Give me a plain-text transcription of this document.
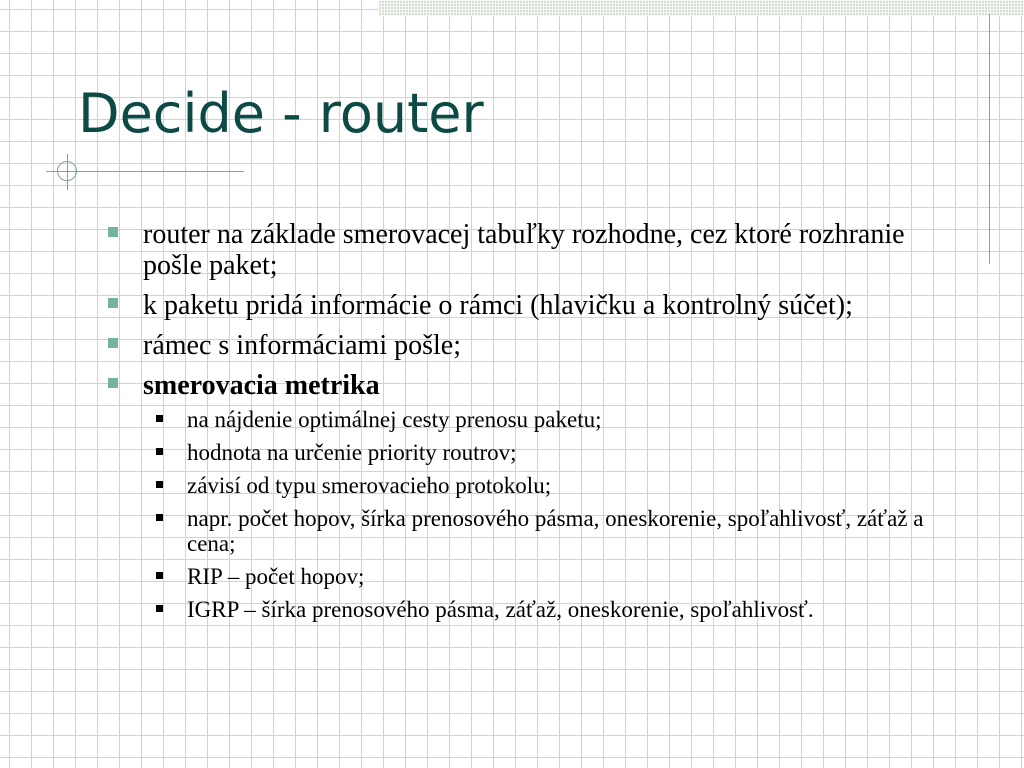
Decide - router
router na základe smerovacej tabuľky rozhodne, cez ktoré rozhranie pošle paket;
k paketu pridá informácie o rámci (hlavičku a kontrolný súčet);
rámec s informáciami pošle;
smerovacia metrika
na nájdenie optimálnej cesty prenosu paketu;
hodnota na určenie priority routrov;
závisí od typu smerovacieho protokolu;
napr. počet hopov, šírka prenosového pásma, oneskorenie, spoľahlivosť, záťaž a cena;
RIP – počet hopov;
IGRP – šírka prenosového pásma, záťaž, oneskorenie, spoľahlivosť.
